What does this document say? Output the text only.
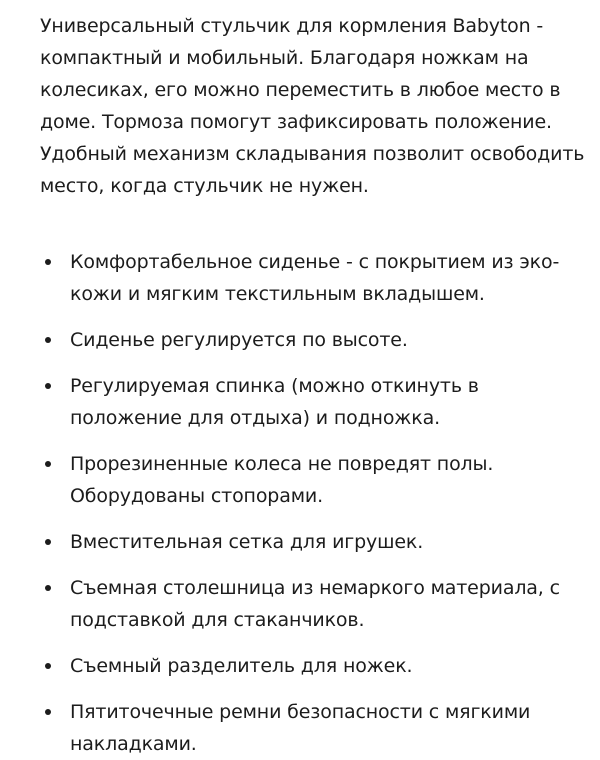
Универсальный стульчик для кормления Babyton - компактный и мобильный. Благодаря ножкам на колесиках, его можно переместить в любое место в доме. Тормоза помогут зафиксировать положение. Удобный механизм складывания позволит освободить место, когда стульчик не нужен.

Комфортабельное сиденье - с покрытием из эко-кожи и мягким текстильным вкладышем.
Сиденье регулируется по высоте.
Регулируемая спинка (можно откинуть в положение для отдыха) и подножка.
Прорезиненные колеса не повредят полы. Оборудованы стопорами.
Вместительная сетка для игрушек.
Съемная столешница из немаркого материала, с подставкой для стаканчиков.
Съемный разделитель для ножек.
Пятиточечные ремни безопасности с мягкими накладками.
